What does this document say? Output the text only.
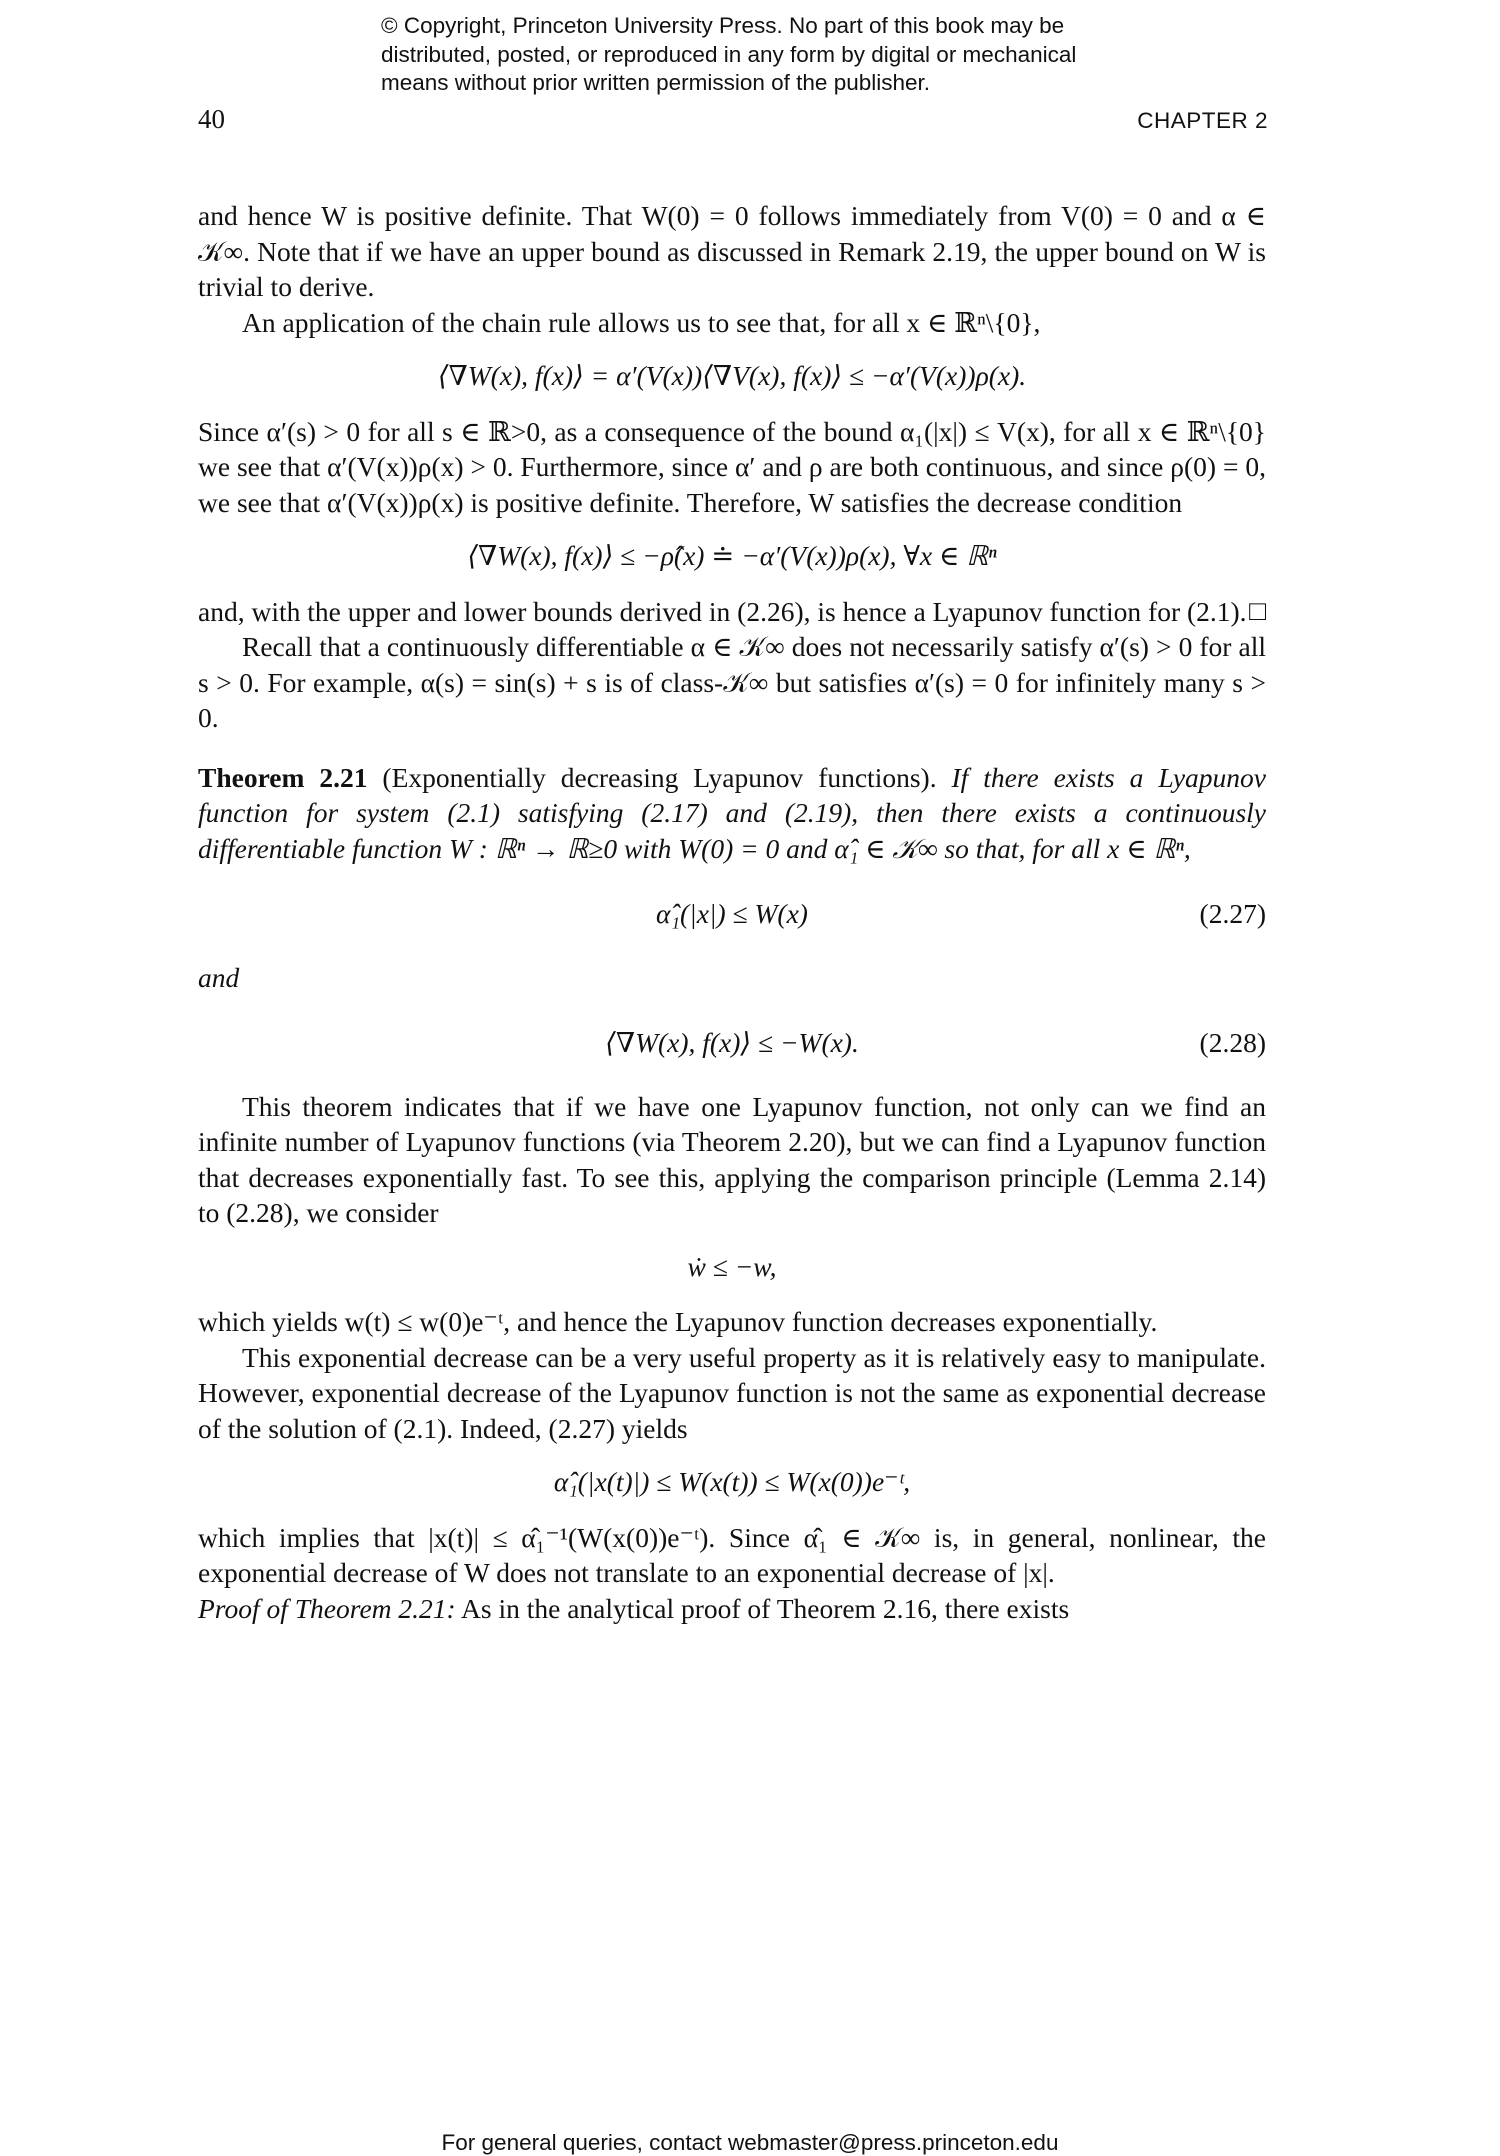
© Copyright, Princeton University Press. No part of this book may be
distributed, posted, or reproduced in any form by digital or mechanical
means without prior written permission of the publisher.
40	CHAPTER 2

and hence W is positive definite. That W(0) = 0 follows immediately from V(0) = 0 and α ∈ 𝒦∞. Note that if we have an upper bound as discussed in Remark 2.19, the upper bound on W is trivial to derive.

An application of the chain rule allows us to see that, for all x ∈ ℝⁿ\{0},

⟨∇W(x), f(x)⟩ = α′(V(x))⟨∇V(x), f(x)⟩ ≤ −α′(V(x))ρ(x).

Since α′(s) > 0 for all s ∈ ℝ>0, as a consequence of the bound α₁(|x|) ≤ V(x), for all x ∈ ℝⁿ\{0} we see that α′(V(x))ρ(x) > 0. Furthermore, since α′ and ρ are both continuous, and since ρ(0) = 0, we see that α′(V(x))ρ(x) is positive definite. Therefore, W satisfies the decrease condition

⟨∇W(x), f(x)⟩ ≤ −ρ̂(x) ≐ −α′(V(x))ρ(x), ∀x ∈ ℝⁿ

and, with the upper and lower bounds derived in (2.26), is hence a Lyapunov function for (2.1). □

Recall that a continuously differentiable α ∈ 𝒦∞ does not necessarily satisfy α′(s) > 0 for all s > 0. For example, α(s) = sin(s) + s is of class-𝒦∞ but satisfies α′(s) = 0 for infinitely many s > 0.

Theorem 2.21 (Exponentially decreasing Lyapunov functions). If there exists a Lyapunov function for system (2.1) satisfying (2.17) and (2.19), then there exists a continuously differentiable function W : ℝⁿ → ℝ≥0 with W(0) = 0 and α̂₁ ∈ 𝒦∞ so that, for all x ∈ ℝⁿ,

α̂₁(|x|) ≤ W(x)	(2.27)

and

⟨∇W(x), f(x)⟩ ≤ −W(x).	(2.28)

This theorem indicates that if we have one Lyapunov function, not only can we find an infinite number of Lyapunov functions (via Theorem 2.20), but we can find a Lyapunov function that decreases exponentially fast. To see this, applying the comparison principle (Lemma 2.14) to (2.28), we consider

ẇ ≤ −w,

which yields w(t) ≤ w(0)e⁻ᵗ, and hence the Lyapunov function decreases exponentially.

This exponential decrease can be a very useful property as it is relatively easy to manipulate. However, exponential decrease of the Lyapunov function is not the same as exponential decrease of the solution of (2.1). Indeed, (2.27) yields

α̂₁(|x(t)|) ≤ W(x(t)) ≤ W(x(0))e⁻ᵗ,

which implies that |x(t)| ≤ α̂₁⁻¹(W(x(0))e⁻ᵗ). Since α̂₁ ∈ 𝒦∞ is, in general, nonlinear, the exponential decrease of W does not translate to an exponential decrease of |x|.

Proof of Theorem 2.21: As in the analytical proof of Theorem 2.16, there exists

For general queries, contact webmaster@press.princeton.edu
